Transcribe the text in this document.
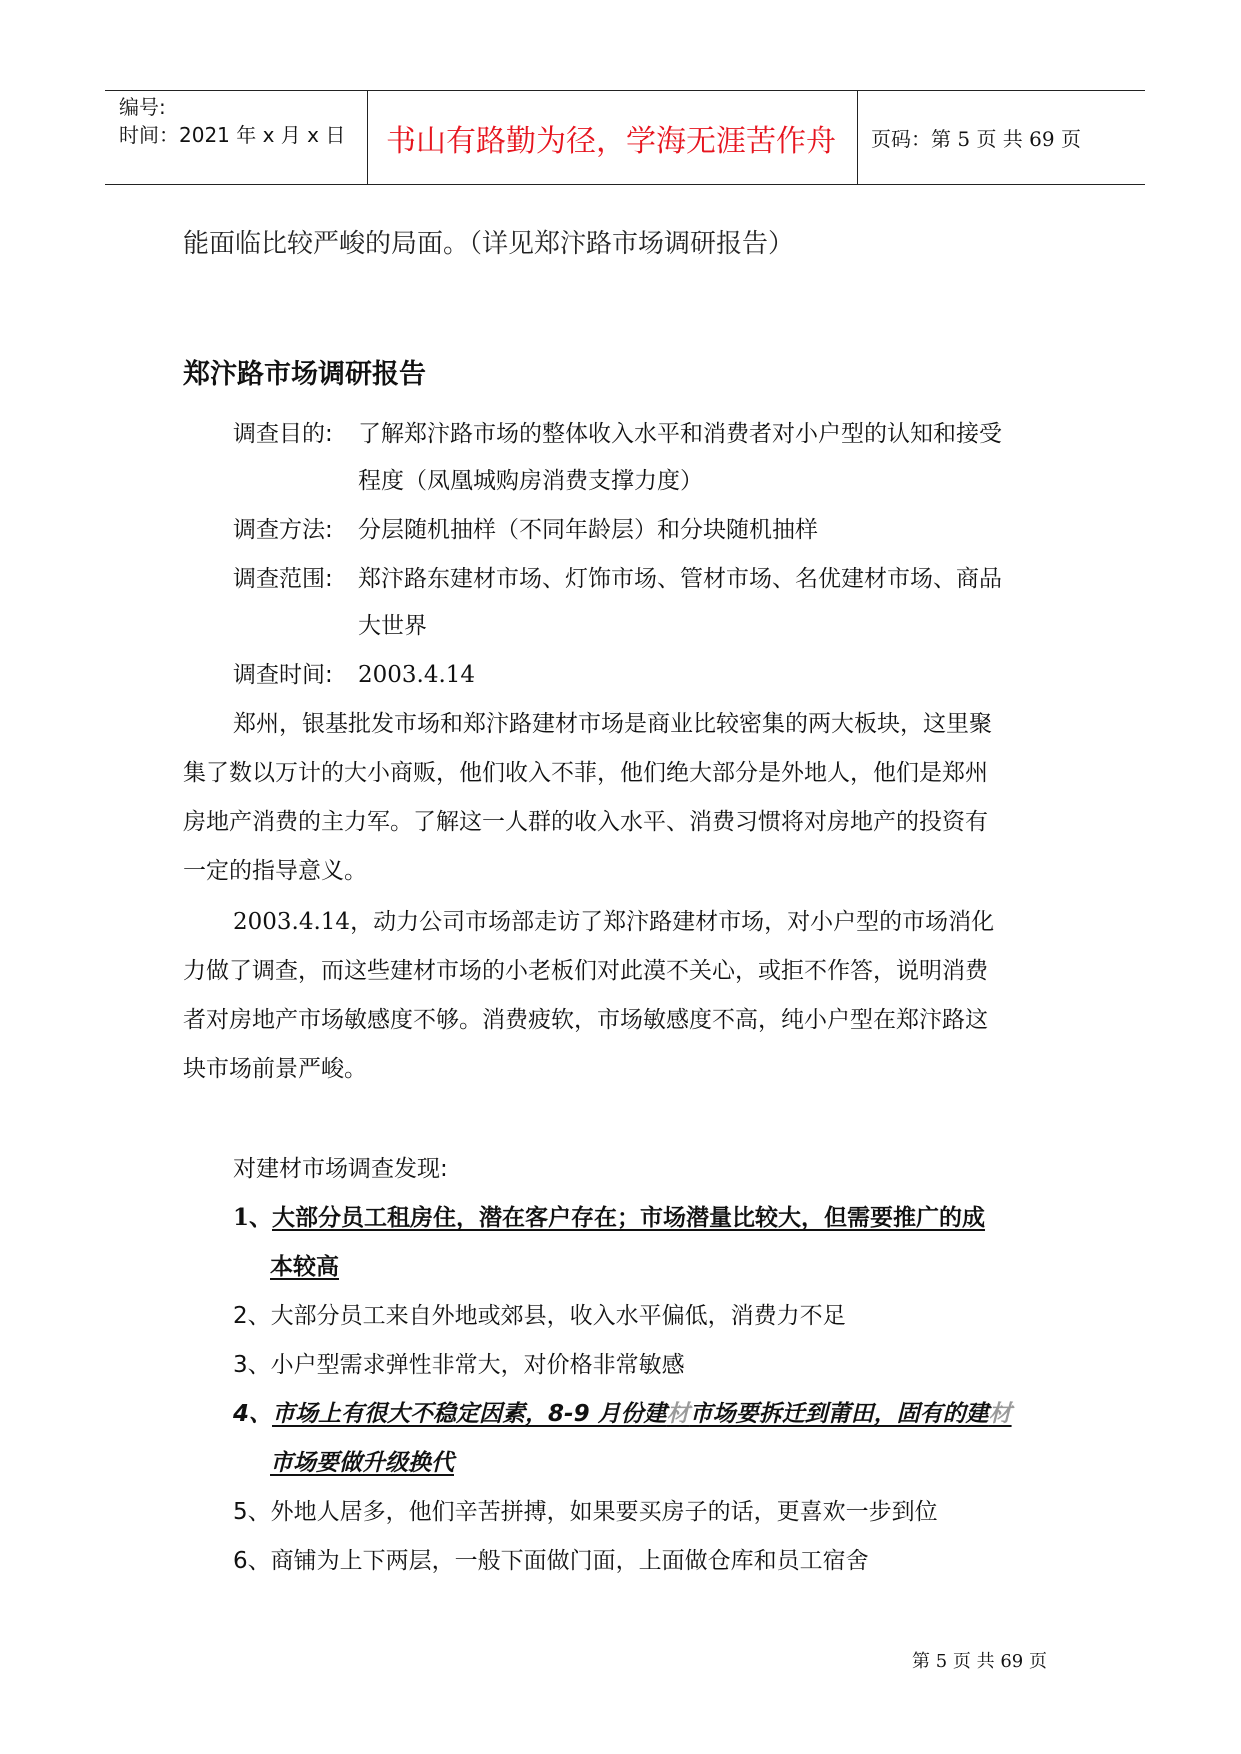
编号:
时间：2021 年 x 月 x 日	书山有路勤为径，学海无涯苦作舟	页码：第 5 页 共 69 页
能面临比较严峻的局面。（详见郑汴路市场调研报告）
郑汴路市场调研报告
调查目的: 了解郑汴路市场的整体收入水平和消费者对小户型的认知和接受
程度（凤凰城购房消费支撑力度）
调查方法: 分层随机抽样（不同年龄层）和分块随机抽样
调查范围: 郑汴路东建材市场、灯饰市场、管材市场、名优建材市场、商品
大世界
调查时间: 2003.4.14
郑州，银基批发市场和郑汴路建材市场是商业比较密集的两大板块，这里聚
集了数以万计的大小商贩，他们收入不菲，他们绝大部分是外地人，他们是郑州
房地产消费的主力军。了解这一人群的收入水平、消费习惯将对房地产的投资有
一定的指导意义。
2003.4.14，动力公司市场部走访了郑汴路建材市场，对小户型的市场消化
力做了调查，而这些建材市场的小老板们对此漠不关心，或拒不作答，说明消费
者对房地产市场敏感度不够。消费疲软，市场敏感度不高，纯小户型在郑汴路这
块市场前景严峻。
对建材市场调查发现:
1、大部分员工租房住，潜在客户存在；市场潜量比较大，但需要推广的成
本较高
2、大部分员工来自外地或郊县，收入水平偏低，消费力不足
3、小户型需求弹性非常大，对价格非常敏感
4、市场上有很大不稳定因素，8-9 月份建材市场要拆迁到莆田，固有的建材
市场要做升级换代
5、外地人居多，他们辛苦拼搏，如果要买房子的话，更喜欢一步到位
6、商铺为上下两层，一般下面做门面，上面做仓库和员工宿舍
第 5 页 共 69 页
